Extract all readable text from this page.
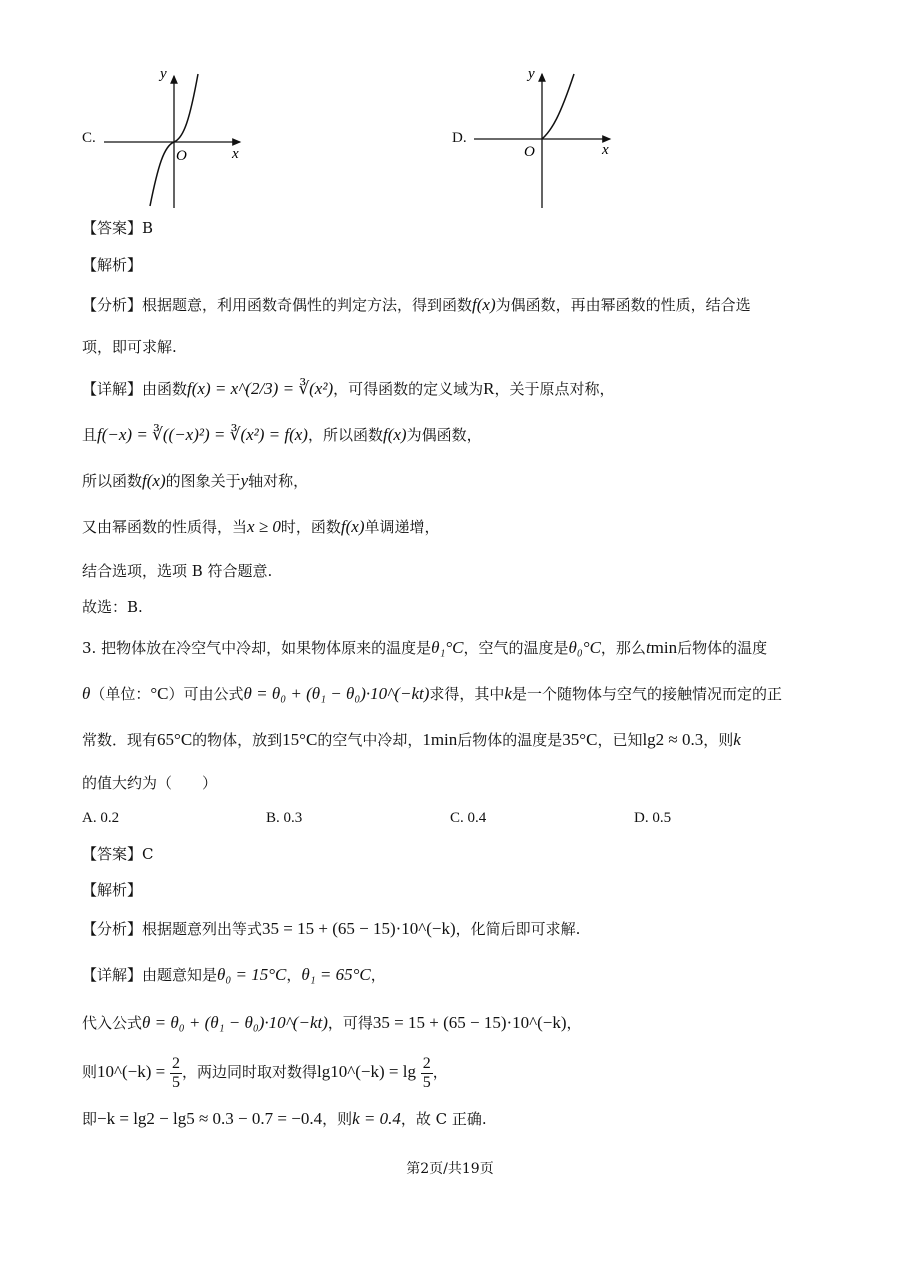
C.
y
x
O
D.
y
x
O
【答案】B
【解析】
【分析】根据题意，利用函数奇偶性的判定方法，得到函数f(x)为偶函数，再由幂函数的性质，结合选
项，即可求解.
【详解】由函数f(x) = x^(2/3) = ∛(x²)，可得函数的定义域为R，关于原点对称，
且f(−x) = ∛((−x)²) = ∛(x²) = f(x)，所以函数f(x)为偶函数，
所以函数f(x)的图象关于y轴对称，
又由幂函数的性质得，当x ≥ 0时，函数f(x)单调递增，
结合选项，选项 B 符合题意.
故选：B.
3. 把物体放在冷空气中冷却，如果物体原来的温度是θ₁°C，空气的温度是θ₀°C，那么tmin后物体的温度
θ（单位：°C）可由公式θ = θ₀ + (θ₁ − θ₀)·10^(−kt)求得，其中k是一个随物体与空气的接触情况而定的正
常数．现有65°C的物体，放到15°C的空气中冷却，1min后物体的温度是35°C，已知lg2 ≈ 0.3，则k
的值大约为（　　）
A. 0.2	B. 0.3	C. 0.4	D. 0.5
【答案】C
【解析】
【分析】根据题意列出等式35 = 15 + (65 − 15)·10^(−k)，化简后即可求解.
【详解】由题意知是θ₀ = 15°C，θ₁ = 65°C，
代入公式θ = θ₀ + (θ₁ − θ₀)·10^(−kt)，可得35 = 15 + (65 − 15)·10^(−k)，
则10^(−k) = $\frac{2}{5}$ ，两边同时取对数得lg10^(−k) = $\lg \frac{2}{5}$ ，
即−k = lg2 − lg5 ≈ 0.3 − 0.7 = −0.4，则k = 0.4，故 C 正确.
第2页/共19页
